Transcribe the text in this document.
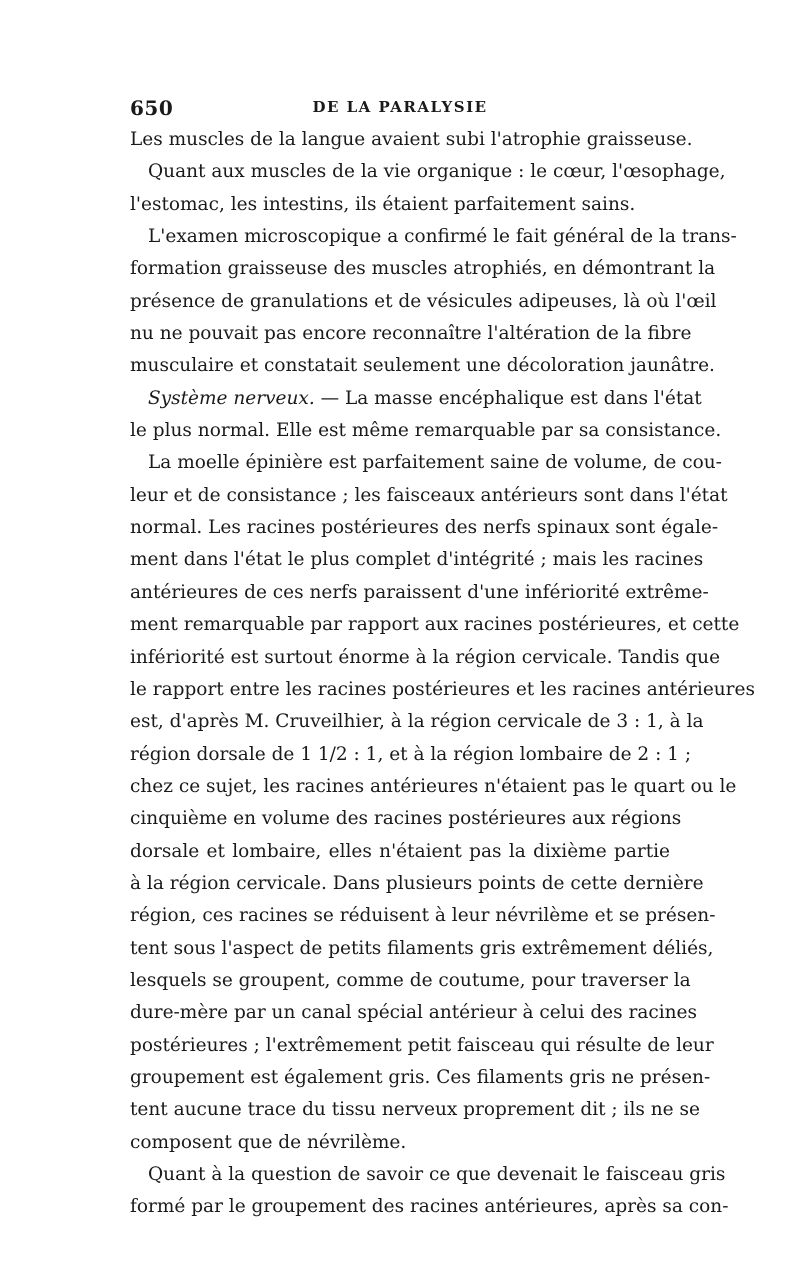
650	DE LA PARALYSIE
Les muscles de la langue avaient subi l'atrophie graisseuse.
Quant aux muscles de la vie organique : le cœur, l'œsophage,
l'estomac, les intestins, ils étaient parfaitement sains.
L'examen microscopique a confirmé le fait général de la trans-
formation graisseuse des muscles atrophiés, en démontrant la
présence de granulations et de vésicules adipeuses, là où l'œil
nu ne pouvait pas encore reconnaître l'altération de la fibre
musculaire et constatait seulement une décoloration jaunâtre.
Système nerveux. — La masse encéphalique est dans l'état
le plus normal. Elle est même remarquable par sa consistance.
La moelle épinière est parfaitement saine de volume, de cou-
leur et de consistance ; les faisceaux antérieurs sont dans l'état
normal. Les racines postérieures des nerfs spinaux sont égale-
ment dans l'état le plus complet d'intégrité ; mais les racines
antérieures de ces nerfs paraissent d'une infériorité extrême-
ment remarquable par rapport aux racines postérieures, et cette
infériorité est surtout énorme à la région cervicale. Tandis que
le rapport entre les racines postérieures et les racines antérieures
est, d'après M. Cruveilhier, à la région cervicale de 3 : 1, à la
région dorsale de 1 1/2 : 1, et à la région lombaire de 2 : 1 ;
chez ce sujet, les racines antérieures n'étaient pas le quart ou le
cinquième en volume des racines postérieures aux régions
dorsale et lombaire, elles n'étaient pas la dixième partie
à la région cervicale. Dans plusieurs points de cette dernière
région, ces racines se réduisent à leur névrilème et se présen-
tent sous l'aspect de petits filaments gris extrêmement déliés,
lesquels se groupent, comme de coutume, pour traverser la
dure-mère par un canal spécial antérieur à celui des racines
postérieures ; l'extrêmement petit faisceau qui résulte de leur
groupement est également gris. Ces filaments gris ne présen-
tent aucune trace du tissu nerveux proprement dit ; ils ne se
composent que de névrilème.
Quant à la question de savoir ce que devenait le faisceau gris
formé par le groupement des racines antérieures, après sa con-
